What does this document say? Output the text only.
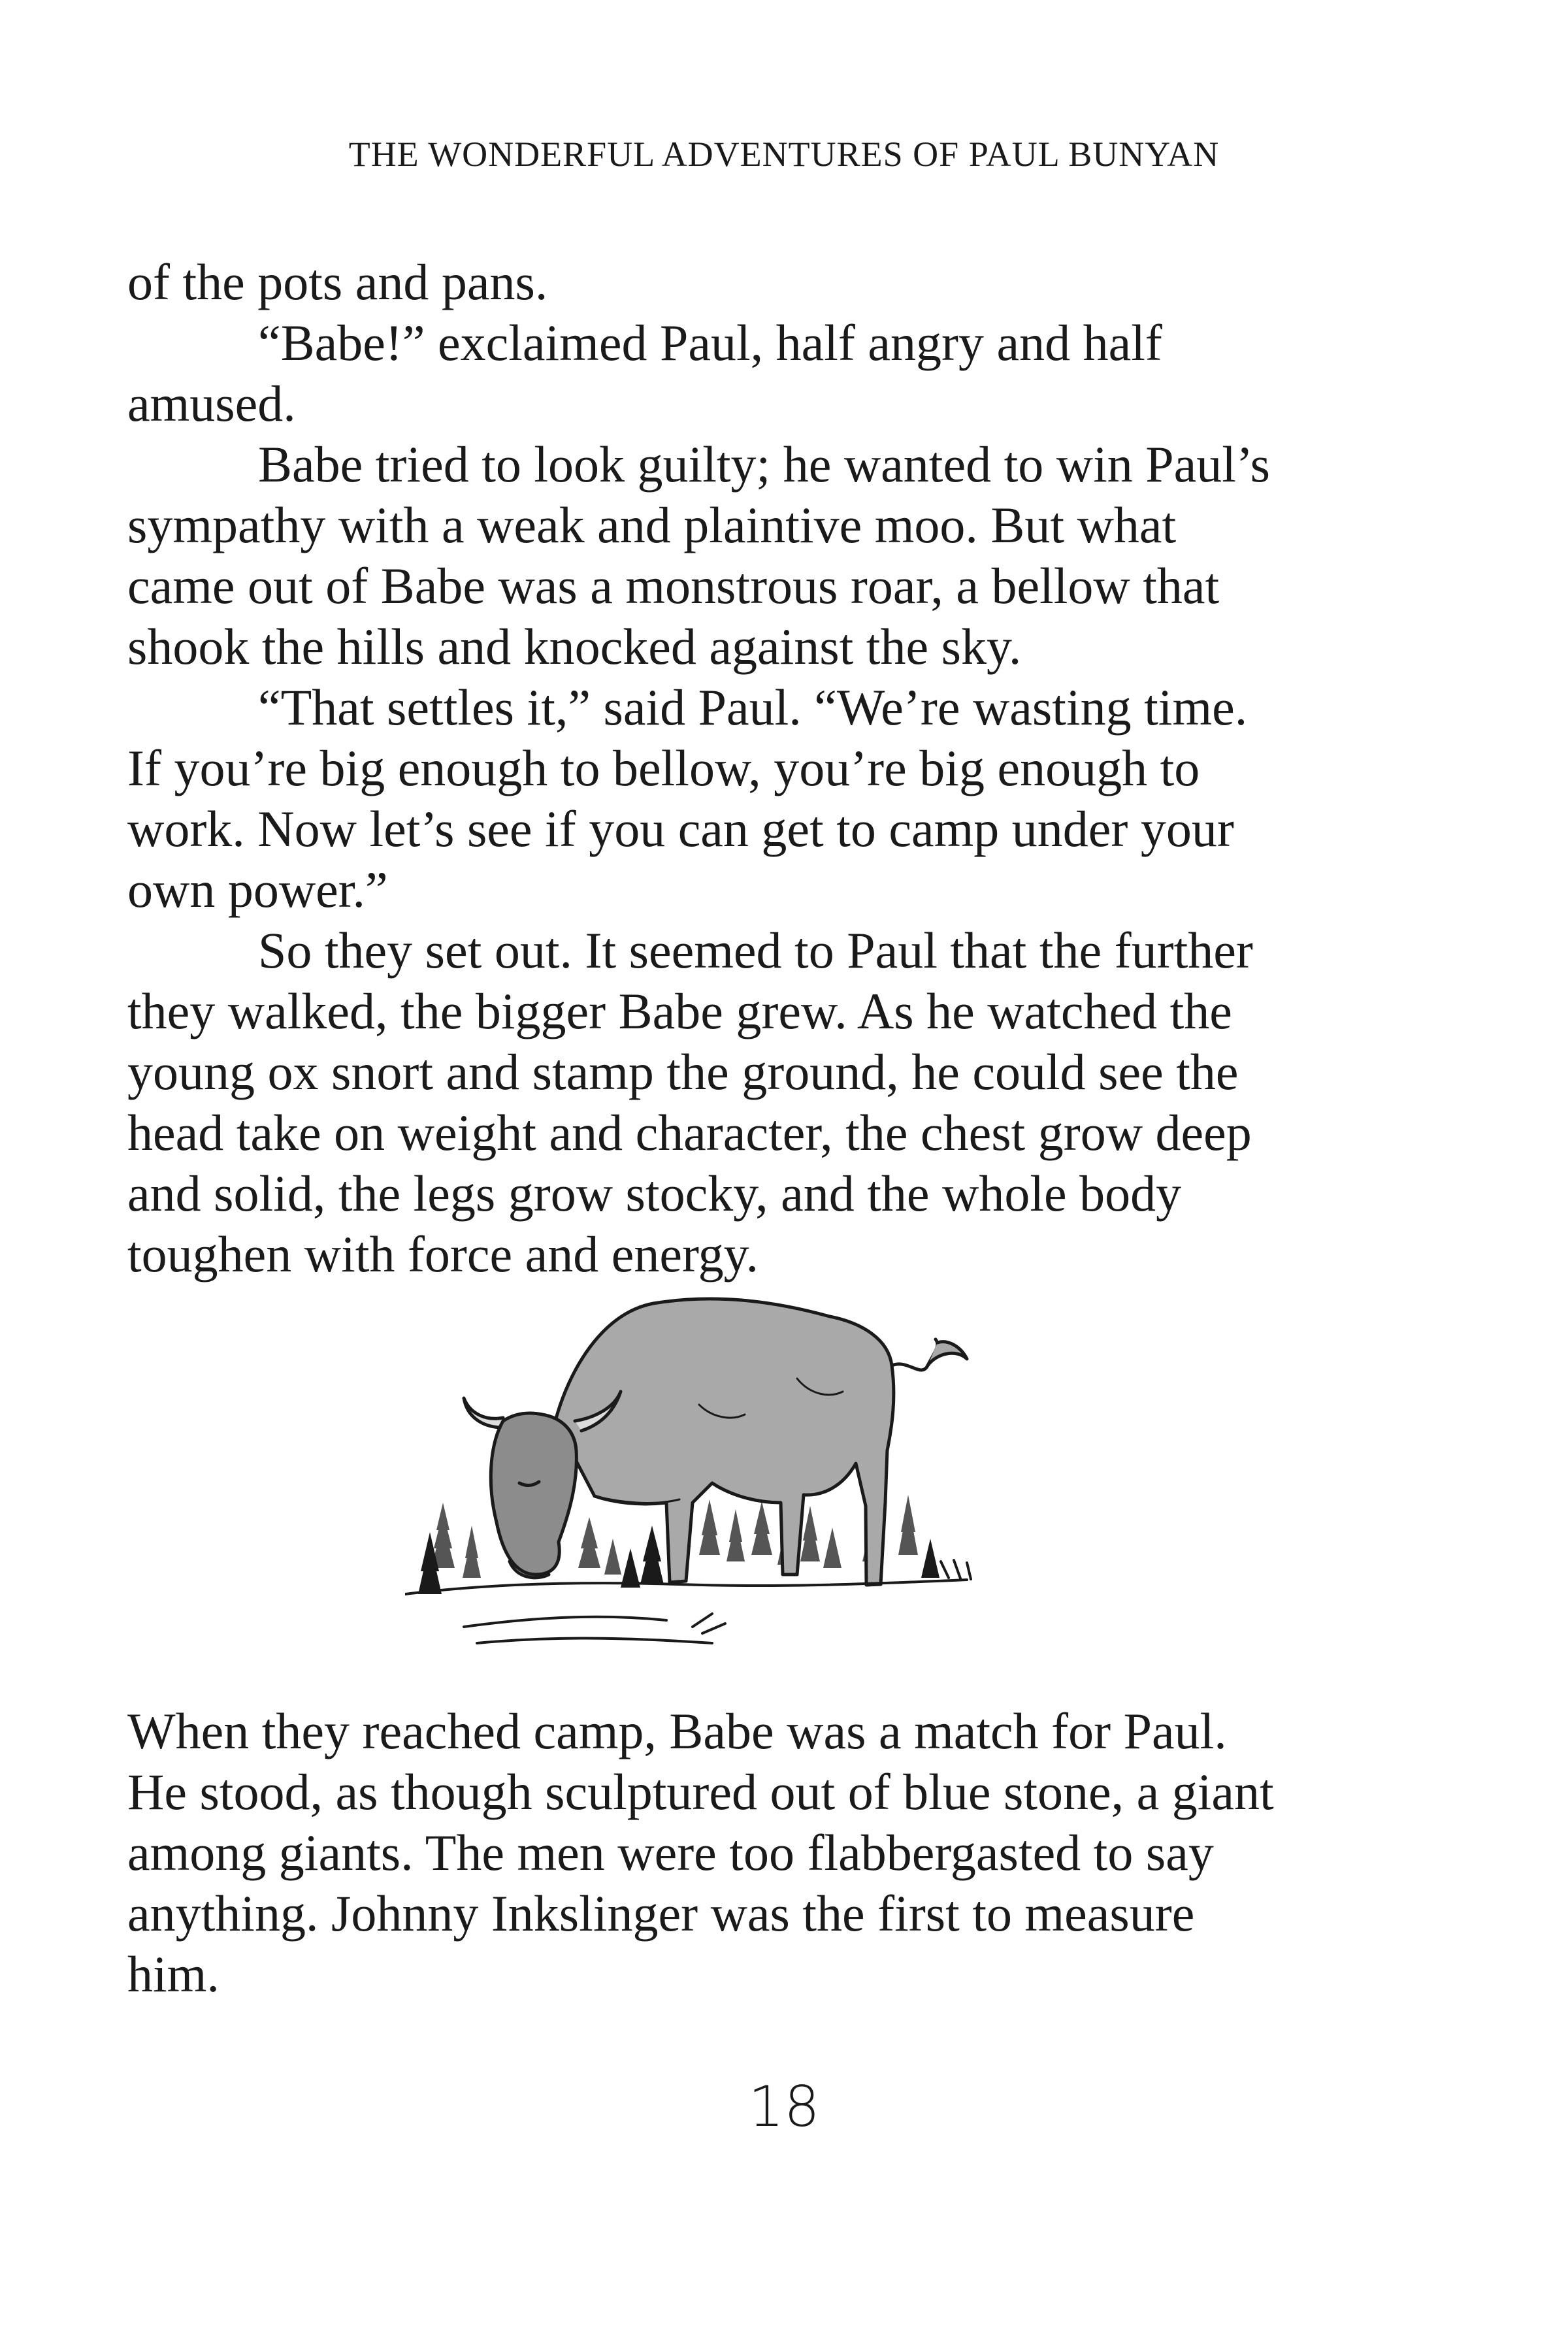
THE WONDERFUL ADVENTURES OF PAUL BUNYAN

of the pots and pans.

“Babe!” exclaimed Paul, half angry and half

amused.

Babe tried to look guilty; he wanted to win Paul’s

sympathy with a weak and plaintive moo. But what

came out of Babe was a monstrous roar, a bellow that

shook the hills and knocked against the sky.

“That settles it,” said Paul. “We’re wasting time.

If you’re big enough to bellow, you’re big enough to

work. Now let’s see if you can get to camp under your

own power.”

So they set out. It seemed to Paul that the further

they walked, the bigger Babe grew. As he watched the

young ox snort and stamp the ground, he could see the

head take on weight and character, the chest grow deep

and solid, the legs grow stocky, and the whole body

toughen with force and energy.

When they reached camp, Babe was a match for Paul.

He stood, as though sculptured out of blue stone, a giant

among giants. The men were too flabbergasted to say

anything. Johnny Inkslinger was the first to measure

him.

18
